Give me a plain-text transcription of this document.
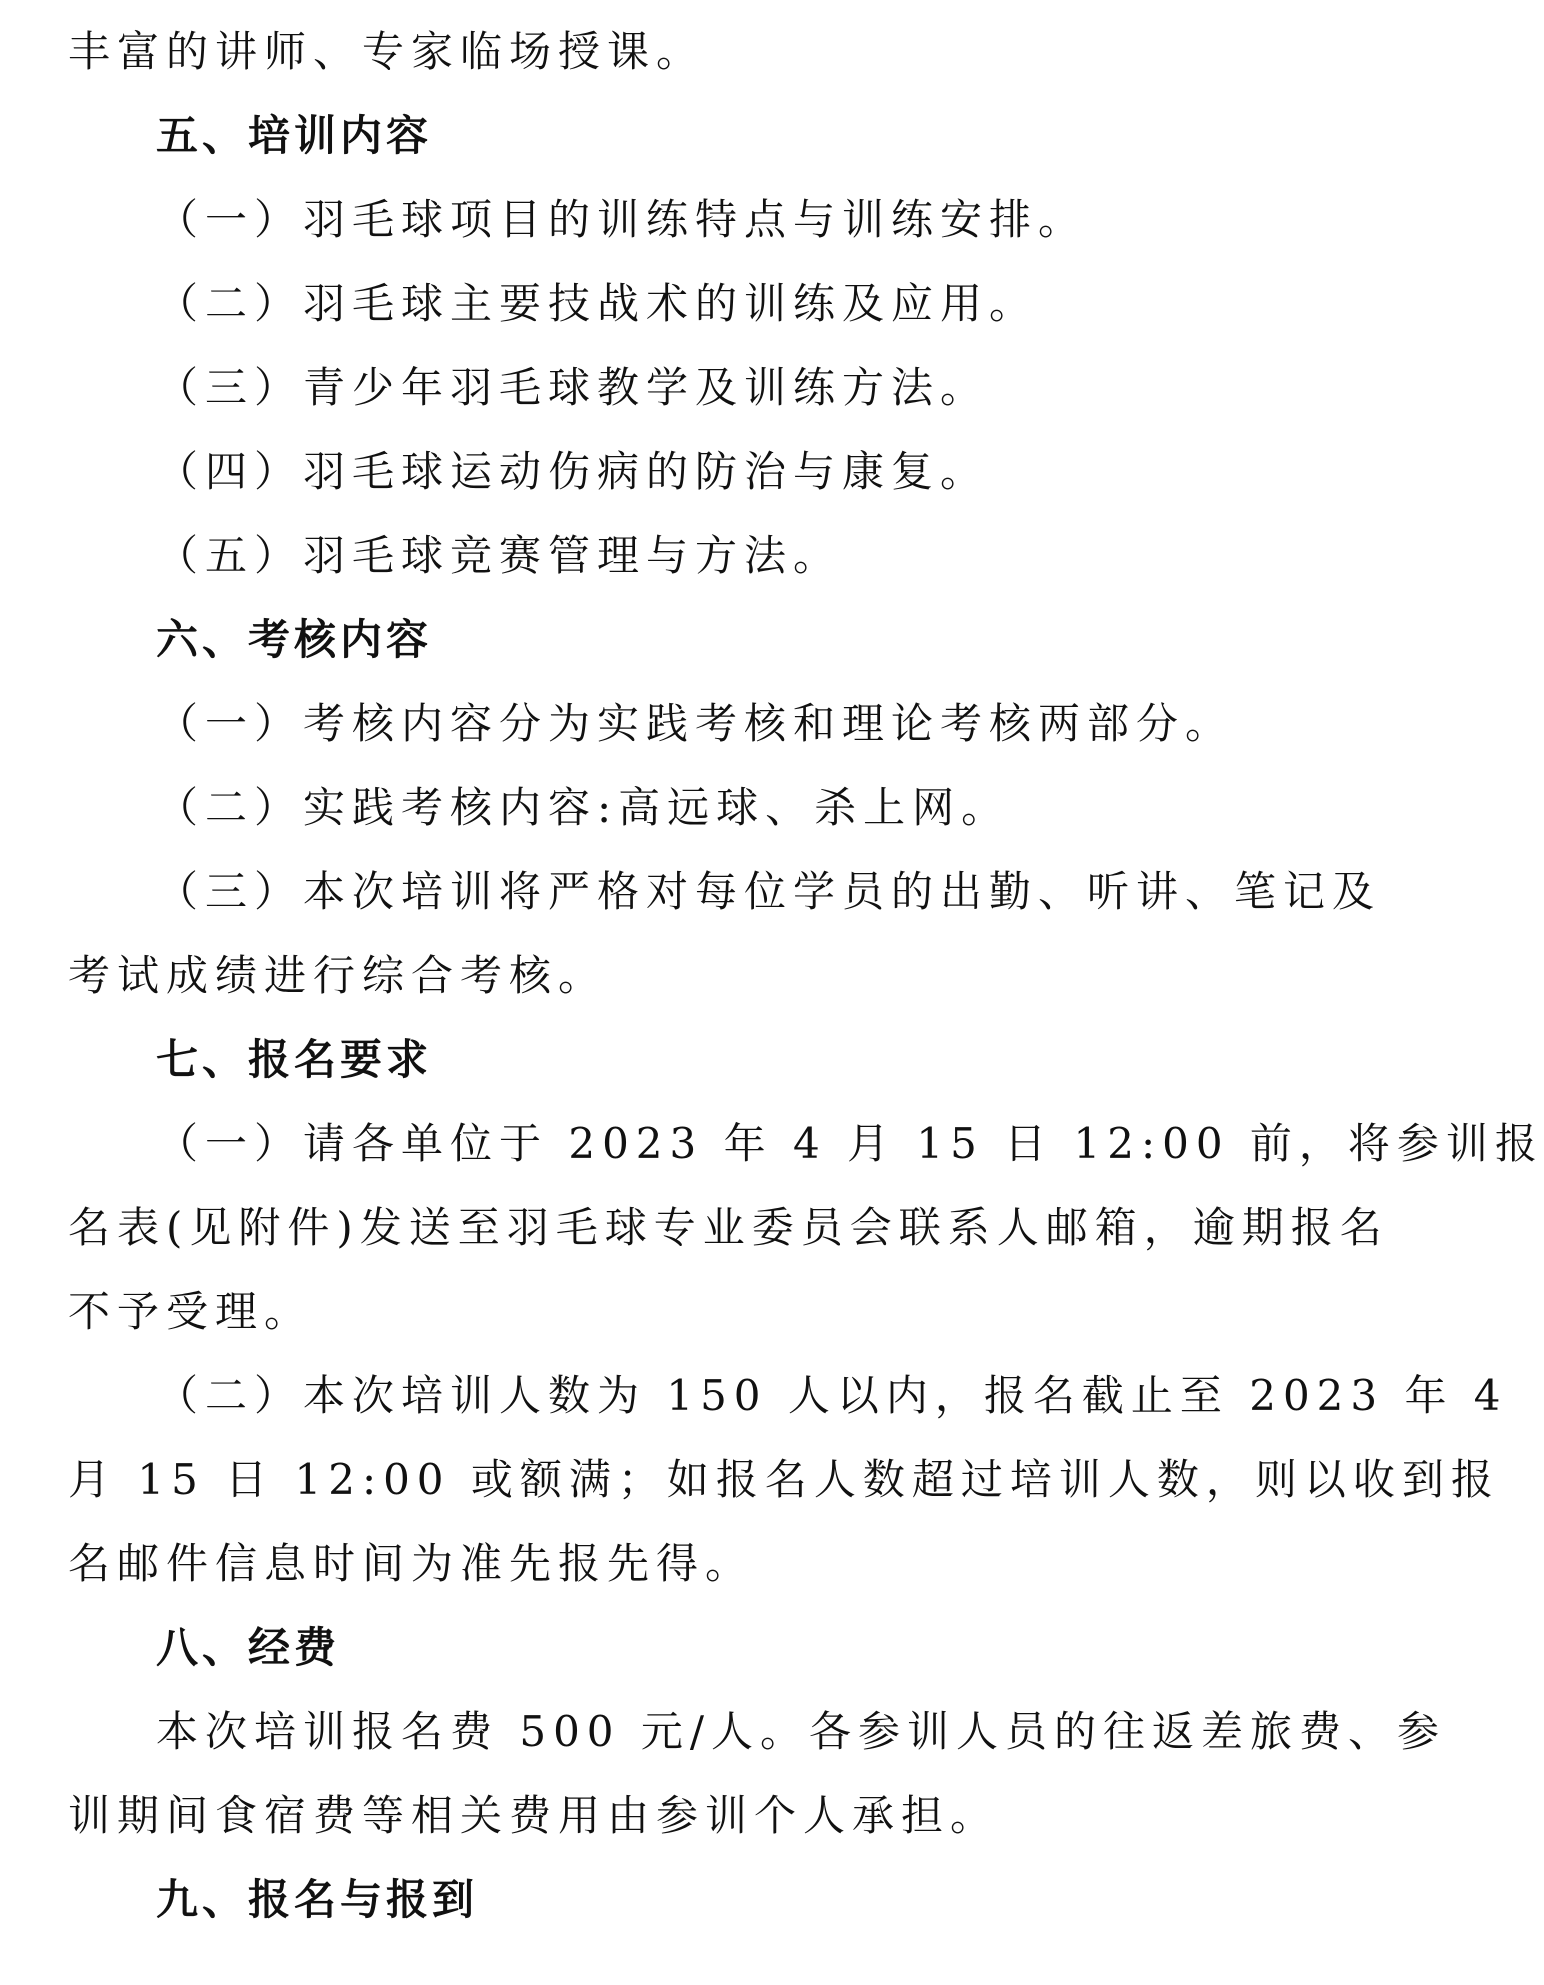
丰富的讲师、专家临场授课。
五、培训内容
（一）羽毛球项目的训练特点与训练安排。
（二）羽毛球主要技战术的训练及应用。
（三）青少年羽毛球教学及训练方法。
（四）羽毛球运动伤病的防治与康复。
（五）羽毛球竞赛管理与方法。
六、考核内容
（一）考核内容分为实践考核和理论考核两部分。
（二）实践考核内容:高远球、杀上网。
（三）本次培训将严格对每位学员的出勤、听讲、笔记及
考试成绩进行综合考核。
七、报名要求
（一）请各单位于 2023 年 4 月 15 日 12:00 前，将参训报
名表(见附件)发送至羽毛球专业委员会联系人邮箱，逾期报名
不予受理。
（二）本次培训人数为 150 人以内，报名截止至 2023 年 4
月 15 日 12:00 或额满；如报名人数超过培训人数，则以收到报
名邮件信息时间为准先报先得。
八、经费
本次培训报名费 500 元/人。各参训人员的往返差旅费、参
训期间食宿费等相关费用由参训个人承担。
九、报名与报到
